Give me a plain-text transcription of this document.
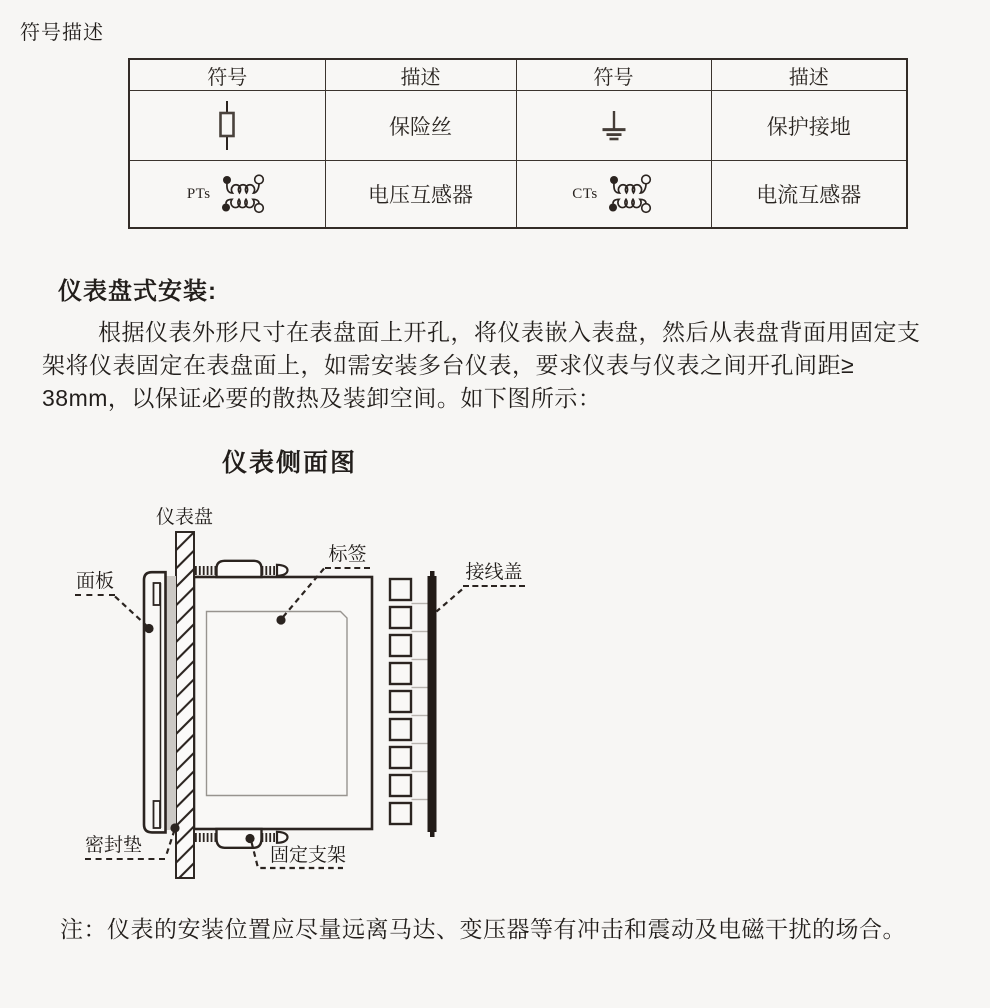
符号描述
符号	描述	符号	描述

	保险丝		保护接地

PTs	电压互感器	CTs	电流互感器
仪表盘式安装:
根据仪表外形尺寸在表盘面上开孔，将仪表嵌入表盘，然后从表盘背面用固定支
架将仪表固定在表盘面上，如需安装多台仪表，要求仪表与仪表之间开孔间距≥
38mm，以保证必要的散热及装卸空间。如下图所示：
仪表侧面图
仪表盘
面板
标签
接线盖
密封垫	固定支架
注：仪表的安装位置应尽量远离马达、变压器等有冲击和震动及电磁干扰的场合。
